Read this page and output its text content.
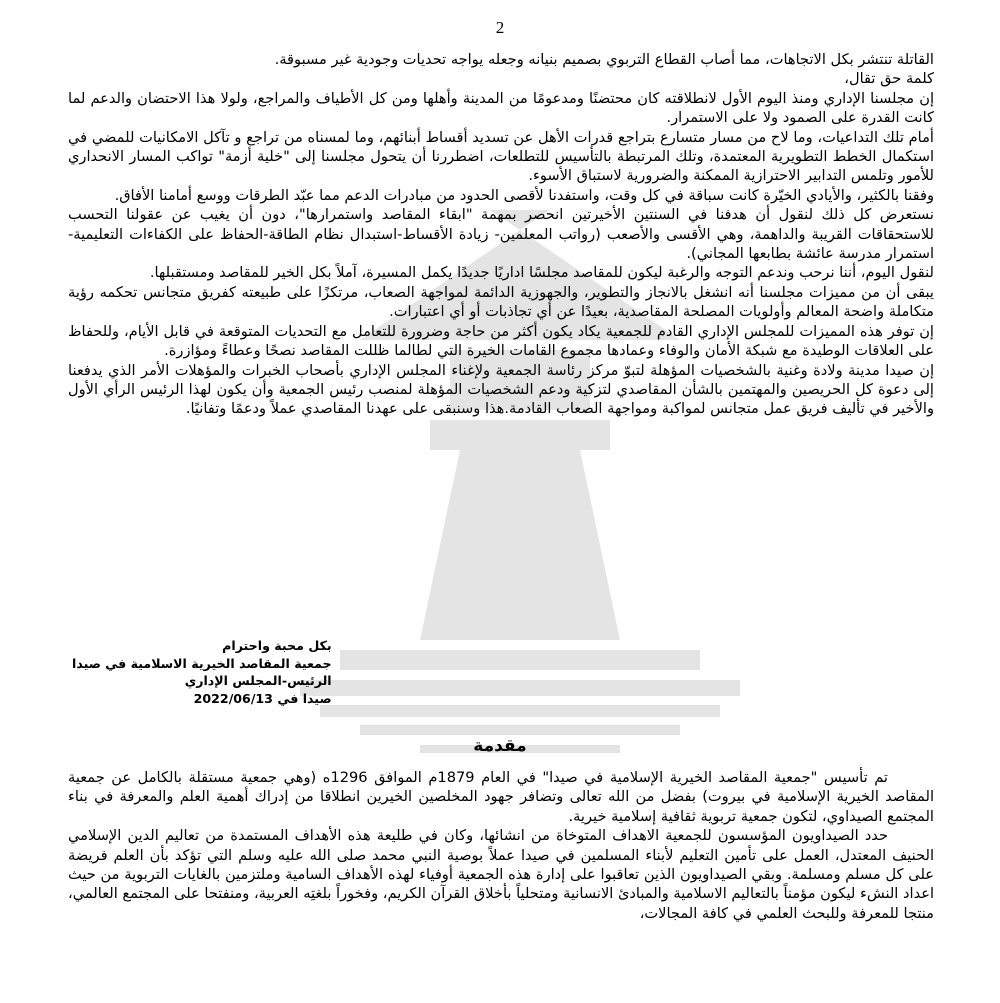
2

القاتلة تنتشر بكل الاتجاهات، مما أصاب القطاع التربوي بصميم بنيانه وجعله يواجه تحديات وجودية غير مسبوقة.

كلمة حق تقال،

إن مجلسنا الإداري ومنذ اليوم الأول لانطلاقته كان محتضنًا ومدعومًا من المدينة وأهلها ومن كل الأطياف والمراجع، ولولا هذا الاحتضان والدعم لما كانت القدرة على الصمود ولا على الاستمرار.

أمام تلك التداعيات، وما لاح من مسار متسارع بتراجع قدرات الأهل عن تسديد أقساط أبنائهم، وما لمسناه من تراجع و تآكل الامكانيات للمضي في استكمال الخطط التطويرية المعتمدة، وتلك المرتبطة بالتأسيس للتطلعات، اضطررنا أن يتحول مجلسنا إلى "خلية أزمة" تواكب المسار الانحداري للأمور وتلمس التدابير الاحترازية الممكنة والضرورية لاستباق الأسوء.

وفقنا بالكثير، والأيادي الخيّرة كانت سباقة في كل وقت، واستفدنا لأقصى الحدود من مبادرات الدعم مما عبّد الطرقات ووسع أمامنا الأفاق.

نستعرض كل ذلك لنقول أن هدفنا في السنتين الأخيرتين انحصر بمهمة "ابقاء المقاصد واستمرارها"، دون أن يغيب عن عقولنا التحسب للاستحقاقات القريبة والداهمة، وهي الأقسى والأصعب (رواتب المعلمين- زيادة الأقساط-استبدال نظام الطاقة-الحفاظ على الكفاءات التعليمية-استمرار مدرسة عائشة بطابعها المجاني).

لنقول اليوم، أننا نرحب وندعم التوجه والرغبة ليكون للمقاصد مجلسًا اداريًا جديدًا يكمل المسيرة، آملاً بكل الخير للمقاصد ومستقبلها.

يبقى أن من مميزات مجلسنا أنه انشغل بالانجاز والتطوير، والجهوزية الدائمة لمواجهة الصعاب، مرتكزًا على طبيعته كفريق متجانس تحكمه رؤية متكاملة واضحة المعالم وأولويات المصلحة المقاصدية، بعيدًا عن أي تجاذبات أو أي اعتبارات.

إن توفر هذه المميزات للمجلس الإداري القادم للجمعية يكاد يكون أكثر من حاجة وضرورة للتعامل مع التحديات المتوقعة في قابل الأيام، وللحفاظ على العلاقات الوطيدة مع شبكة الأمان والوفاء وعمادها مجموع القامات الخيرة التي لطالما ظللت المقاصد نصحًا وعطاءً ومؤازرة.

إن صيدا مدينة ولادة وغنية بالشخصيات المؤهلة لتبوّ مركز رئاسة الجمعية ولإغناء المجلس الإداري بأصحاب الخبرات والمؤهلات الأمر الذي يدفعنا إلى دعوة كل الحريصين والمهتمين بالشأن المقاصدي لتزكية ودعم الشخصيات المؤهلة لمنصب رئيس الجمعية وأن يكون لهذا الرئيس الرأي الأول والأخير في تأليف فريق عمل متجانس لمواكبة ومواجهة الصعاب القادمة.هذا وسنبقى على عهدنا المقاصدي عملاً ودعمًا وتفانيًا.

بكل محبة واحترام
جمعية المقاصد الخيرية الاسلامية في صيدا
الرئيس-المجلس الإداري
صيدا في 2022/06/13
مقدمة

تم تأسيس "جمعية المقاصد الخيرية الإسلامية في صيدا" في العام 1879م الموافق 1296ه (وهي جمعية مستقلة بالكامل عن جمعية المقاصد الخيرية الإسلامية في بيروت) بفضل من الله تعالى وتضافر جهود المخلصين الخيرين انطلاقا من إدراك أهمية العلم والمعرفة في بناء المجتمع الصيداوي، لتكون جمعية تربوية ثقافية إسلامية خيرية.

حدد الصيداويون المؤسسون للجمعية الاهداف المتوخاة من انشائها، وكان في طليعة هذه الأهداف المستمدة من تعاليم الدين الإسلامي الحنيف المعتدل، العمل على تأمين التعليم لأبناء المسلمين في صيدا عملاً بوصية النبي محمد صلى الله عليه وسلم التي تؤكد بأن العلم فريضة على كل مسلم ومسلمة. وبقي الصيداويون الذين تعاقبوا على إدارة هذه الجمعية أوفياء لهذه الأهداف السامية وملتزمين بالغايات التربوية من حيث اعداد النشء ليكون مؤمناً بالتعاليم الاسلامية والمبادئ الانسانية ومتحلياً بأخلاق القرآن الكريم، وفخوراً بلغتِه العربية، ومنفتحا على المجتمع العالمي، منتجا للمعرفة وللبحث العلمي في كافة المجالات،
